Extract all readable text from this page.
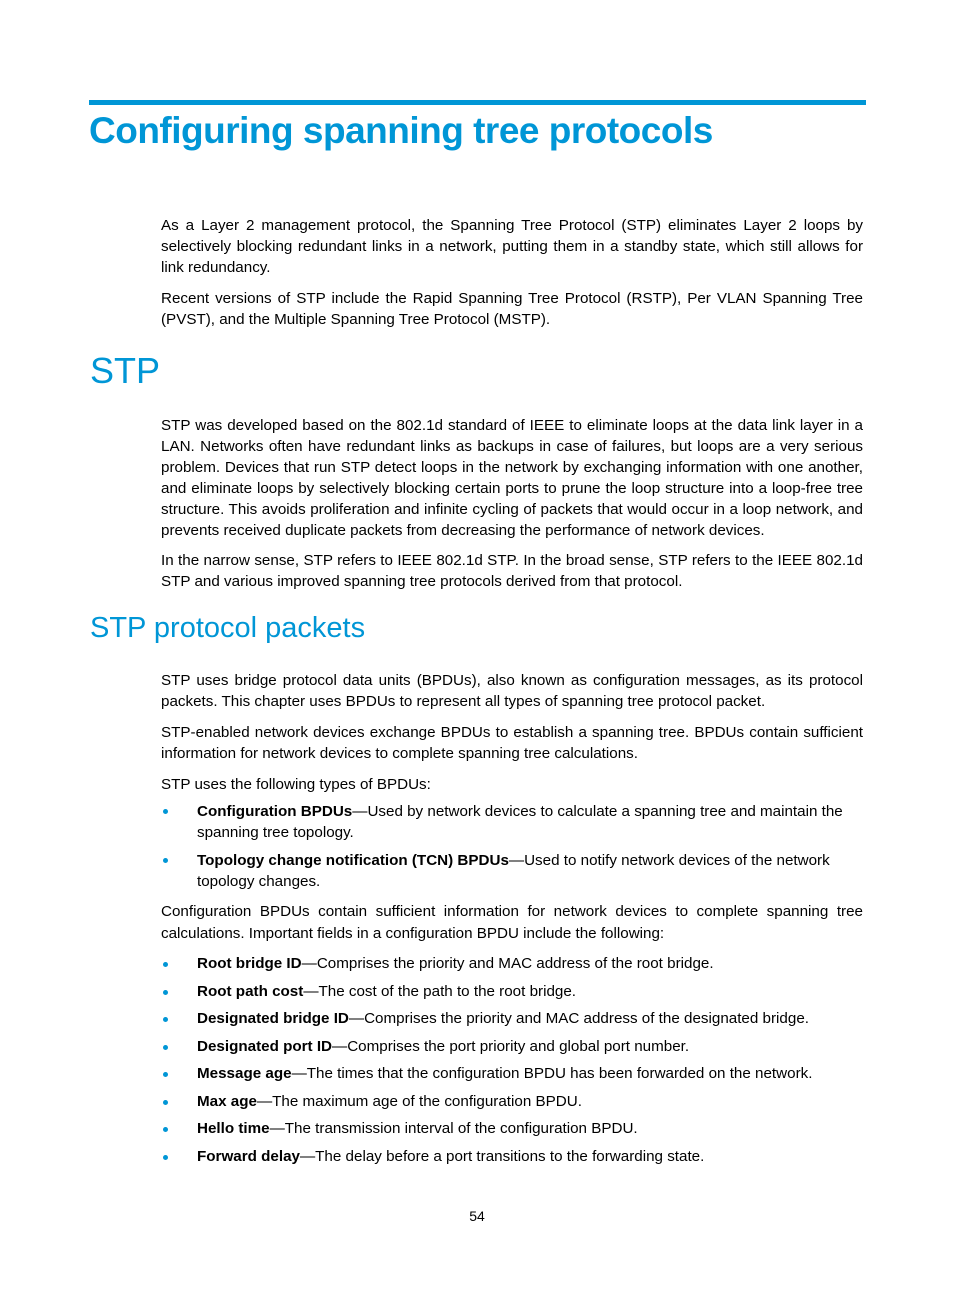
Configuring spanning tree protocols

As a Layer 2 management protocol, the Spanning Tree Protocol (STP) eliminates Layer 2 loops by selectively blocking redundant links in a network, putting them in a standby state, which still allows for link redundancy.

Recent versions of STP include the Rapid Spanning Tree Protocol (RSTP), Per VLAN Spanning Tree (PVST), and the Multiple Spanning Tree Protocol (MSTP).

STP

STP was developed based on the 802.1d standard of IEEE to eliminate loops at the data link layer in a LAN. Networks often have redundant links as backups in case of failures, but loops are a very serious problem. Devices that run STP detect loops in the network by exchanging information with one another, and eliminate loops by selectively blocking certain ports to prune the loop structure into a loop-free tree structure. This avoids proliferation and infinite cycling of packets that would occur in a loop network, and prevents received duplicate packets from decreasing the performance of network devices.

In the narrow sense, STP refers to IEEE 802.1d STP. In the broad sense, STP refers to the IEEE 802.1d STP and various improved spanning tree protocols derived from that protocol.

STP protocol packets

STP uses bridge protocol data units (BPDUs), also known as configuration messages, as its protocol packets. This chapter uses BPDUs to represent all types of spanning tree protocol packet.

STP-enabled network devices exchange BPDUs to establish a spanning tree. BPDUs contain sufficient information for network devices to complete spanning tree calculations.

STP uses the following types of BPDUs:

Configuration BPDUs—Used by network devices to calculate a spanning tree and maintain the spanning tree topology.
Topology change notification (TCN) BPDUs—Used to notify network devices of the network topology changes.

Configuration BPDUs contain sufficient information for network devices to complete spanning tree calculations. Important fields in a configuration BPDU include the following:

Root bridge ID—Comprises the priority and MAC address of the root bridge.
Root path cost—The cost of the path to the root bridge.
Designated bridge ID—Comprises the priority and MAC address of the designated bridge.
Designated port ID—Comprises the port priority and global port number.
Message age—The times that the configuration BPDU has been forwarded on the network.
Max age—The maximum age of the configuration BPDU.
Hello time—The transmission interval of the configuration BPDU.
Forward delay—The delay before a port transitions to the forwarding state.
54
